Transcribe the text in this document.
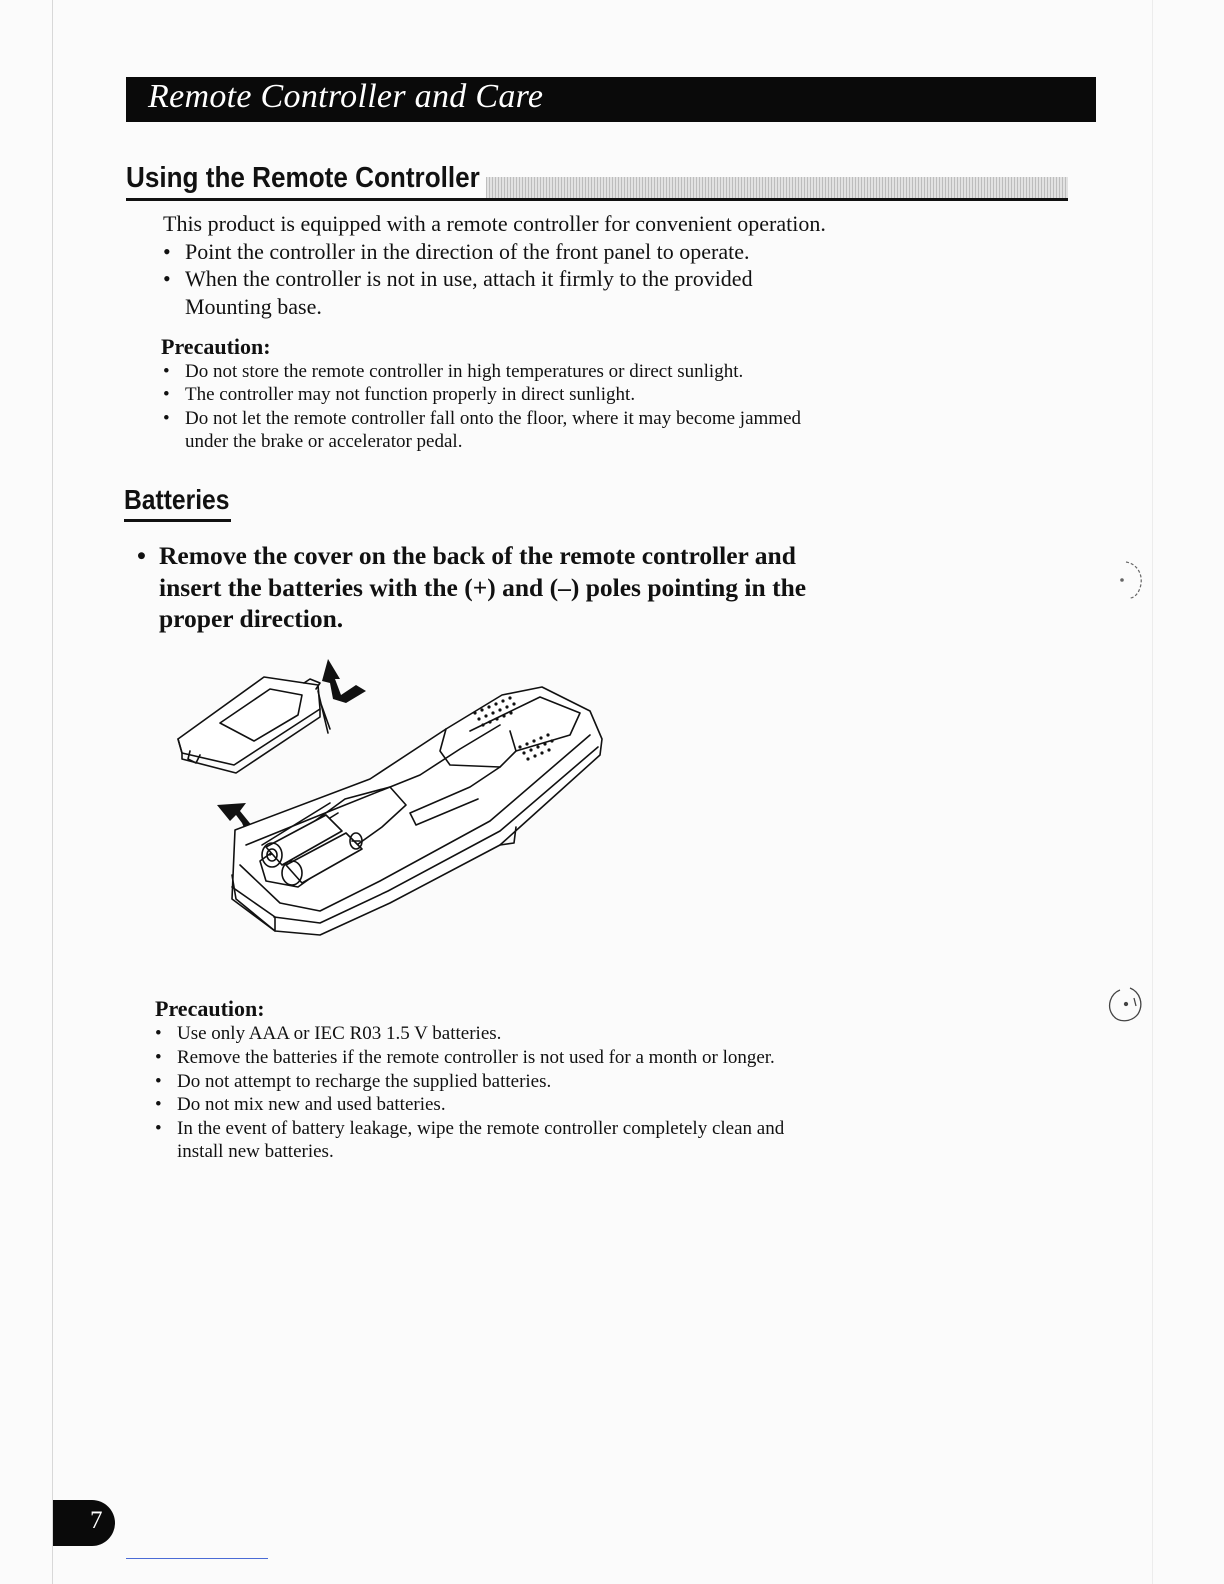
Remote Controller and Care
Using the Remote Controller
This product is equipped with a remote controller for convenient operation.
• Point the controller in the direction of the front panel to operate.
• When the controller is not in use, attach it firmly to the provided
Mounting base.
Precaution:
• Do not store the remote controller in high temperatures or direct sunlight.
• The controller may not function properly in direct sunlight.
• Do not let the remote controller fall onto the floor, where it may become jammed
under the brake or accelerator pedal.
Batteries
• Remove the cover on the back of the remote controller and
insert the batteries with the (+) and (–) poles pointing in the
proper direction.
Precaution:
• Use only AAA or IEC R03 1.5 V batteries.
• Remove the batteries if the remote controller is not used for a month or longer.
• Do not attempt to recharge the supplied batteries.
• Do not mix new and used batteries.
• In the event of battery leakage, wipe the remote controller completely clean and
install new batteries.
7
